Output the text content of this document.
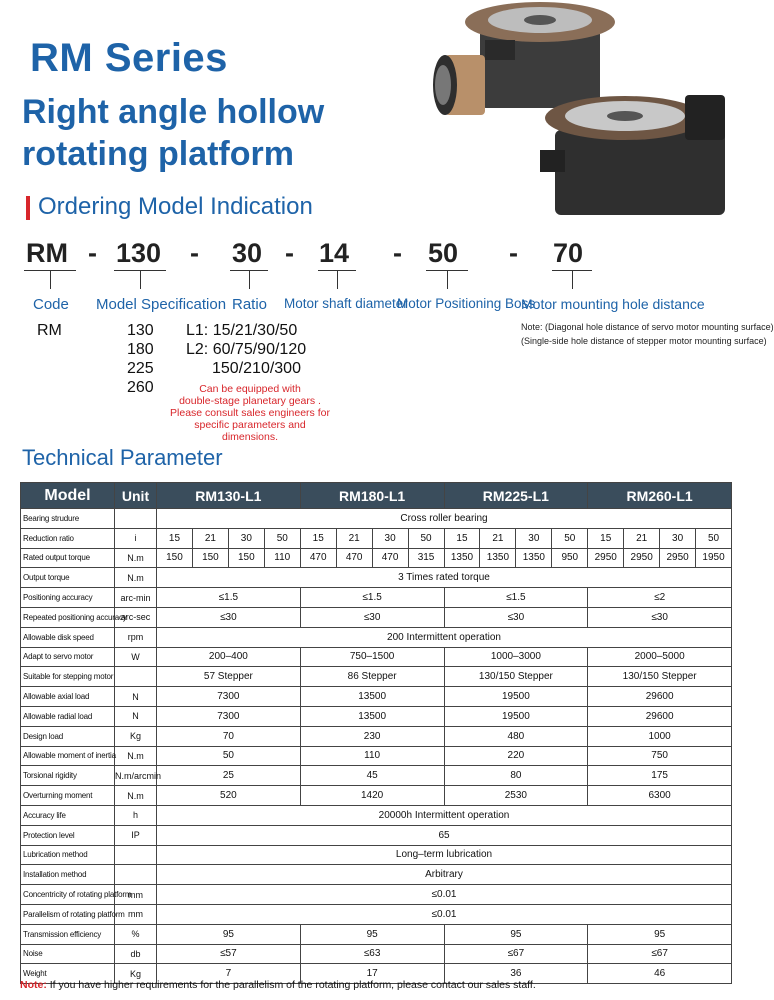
RM Series
Right angle hollow
rotating platform
Ordering Model Indication
RM - 130 - 30 - 14 - 50 - 70
Code Model Specification Ratio Motor shaft diameter
Motor Positioning Boss
Motor mounting hole distance
RM	130
180
225
260
L1: 15/21/30/50
L2: 60/75/90/120
150/210/300
Can be equipped with
double-stage planetary gears .
Please consult sales engineers for
specific parameters and dimensions.
Note: (Diagonal hole distance of servo motor mounting surface)
(Single-side hole distance of stepper motor mounting surface)
Technical Parameter
Model	Unit	RM130-L1				RM180-L1				RM225-L1				RM260-L1			
Bearing strudure		Cross roller bearing															
Reduction ratio	i	15	21	30	50	15	21	30	50	15	21	30	50	15	21	30	50
Rated output torque	N.m	150	150	150	110	470	470	470	315	1350	1350	1350	950	2950	2950	2950	1950
Output torque	N.m	3 Times rated torque															
Positioning accuracy	arc-min	≤1.5				≤1.5				≤1.5				≤2			
Repeated positioning accuracy	arc-sec	≤30				≤30				≤30				≤30			
Allowable disk speed	rpm	200 Intermittent operation															
Adapt to servo motor	W	200–400				750–1500				1000–3000				2000–5000			
Suitable for stepping motor		57 Stepper				86 Stepper				130/150 Stepper				130/150 Stepper			
Allowable axial load	N	7300				13500				19500				29600			
Allowable radial load	N	7300				13500				19500				29600			
Design load	Kg	70				230				480				1000			
Allowable moment of inertia	N.m	50				110				220				750			
Torsional rigidity	N.m/arcmin	25				45				80				175			
Overturning moment	N.m	520				1420				2530				6300			
Accuracy life	h	20000h Intermittent operation															
Protection level	IP	65															
Lubrication method		Long–term lubrication															
Installation method		Arbitrary															
Concentricity of rotating platform	mm	≤0.01															
Parallelism of rotating platform	mm	≤0.01															
Transmission efficiency	%	95				95				95				95			
Noise	db	≤57				≤63				≤67				≤67			
Weight	Kg	7				17				36				46			
Note: If you have higher requirements for the parallelism of the rotating platform, please contact our sales staff.
